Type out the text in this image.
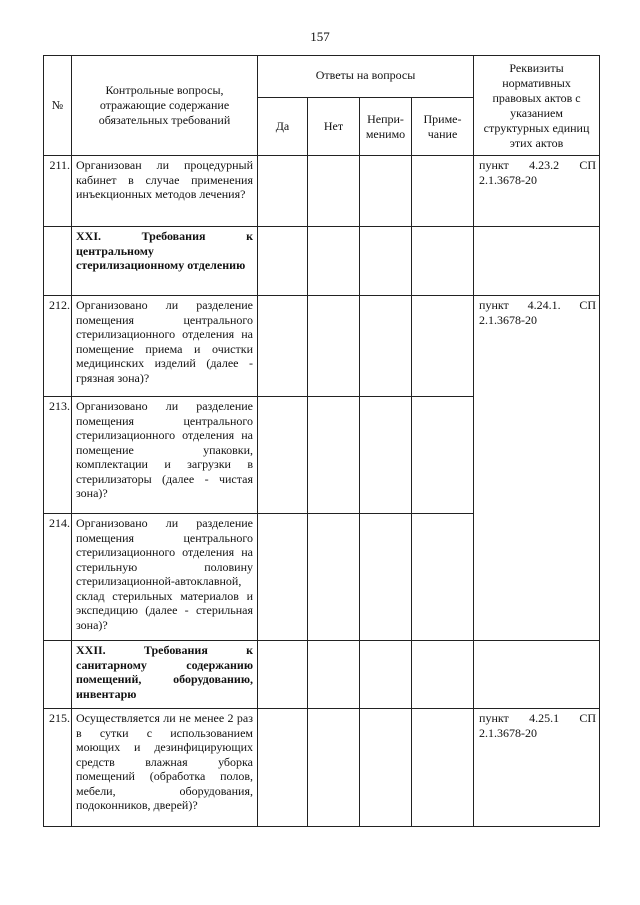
157
№	Контрольные вопросы, отражающие содержание обязательных требований	Ответы на вопросы				Реквизиты нормативных правовых актов с указанием структурных единиц этих актов
		Да	Нет	Непри-менимо	Приме-чание	
211.	Организован ли процедурный кабинет в случае применения инъекционных методов лечения?					пункт 4.23.2 СП 2.1.3678-20
	XXI. Требования к центральному стерилизационному отделению					
212.	Организовано ли разделение помещения центрального стерилизационного отделения на помещение приема и очистки медицинских изделий (далее - грязная зона)?					пункт 4.24.1. СП 2.1.3678-20
213.	Организовано ли разделение помещения центрального стерилизационного отделения на помещение упаковки, комплектации и загрузки в стерилизаторы (далее - чистая зона)?					
214.	Организовано ли разделение помещения центрального стерилизационного отделения на стерильную половину стерилизационной-автоклавной, склад стерильных материалов и экспедицию (далее - стерильная зона)?					
	XXII. Требования к санитарному содержанию помещений, оборудованию, инвентарю					
215.	Осуществляется ли не менее 2 раз в сутки с использованием моющих и дезинфицирующих средств влажная уборка помещений (обработка полов, мебели, оборудования, подоконников, дверей)?					пункт 4.25.1 СП 2.1.3678-20
